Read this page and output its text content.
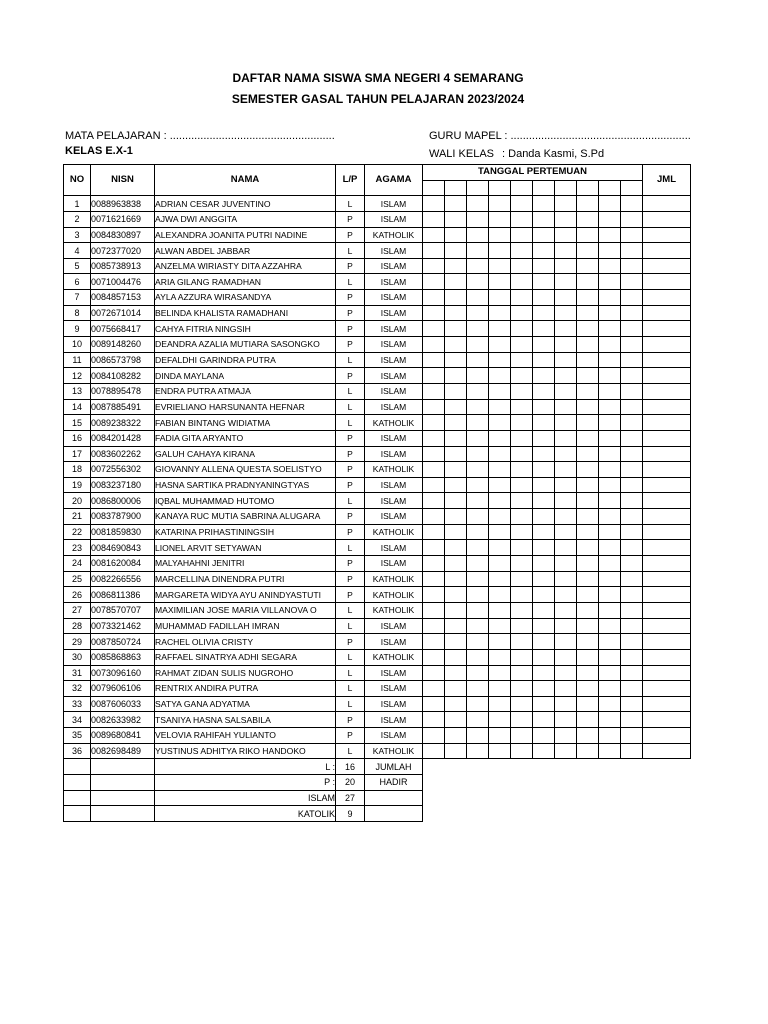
DAFTAR NAMA SISWA SMA NEGERI 4 SEMARANG
SEMESTER GASAL TAHUN PELAJARAN 2023/2024
MATA PELAJARAN : ......................................................
KELAS E.X-1
GURU MAPEL : ...........................................................
WALI KELAS : Danda Kasmi, S.Pd
NO	NISN	NAMA	L/P	AGAMA	TANGGAL PERTEMUAN										JML

1	0088963838	ADRIAN CESAR JUVENTINO	L	ISLAM											
2	0071621669	AJWA DWI ANGGITA	P	ISLAM											
3	0084830897	ALEXANDRA JOANITA PUTRI NADINE	P	KATHOLIK											
4	0072377020	ALWAN ABDEL JABBAR	L	ISLAM											
5	0085738913	ANZELMA WIRIASTY DITA AZZAHRA	P	ISLAM											
6	0071004476	ARIA GILANG RAMADHAN	L	ISLAM											
7	0084857153	AYLA AZZURA WIRASANDYA	P	ISLAM											
8	0072671014	BELINDA KHALISTA RAMADHANI	P	ISLAM											
9	0075668417	CAHYA FITRIA NINGSIH	P	ISLAM											
10	0089148260	DEANDRA AZALIA MUTIARA SASONGKO	P	ISLAM											
11	0086573798	DEFALDHI GARINDRA PUTRA	L	ISLAM											
12	0084108282	DINDA MAYLANA	P	ISLAM											
13	0078895478	ENDRA PUTRA ATMAJA	L	ISLAM											
14	0087885491	EVRIELIANO HARSUNANTA HEFNAR	L	ISLAM											
15	0089238322	FABIAN BINTANG WIDIATMA	L	KATHOLIK											
16	0084201428	FADIA GITA ARYANTO	P	ISLAM											
17	0083602262	GALUH CAHAYA KIRANA	P	ISLAM											
18	0072556302	GIOVANNY ALLENA QUESTA SOELISTYO	P	KATHOLIK											
19	0083237180	HASNA SARTIKA PRADNYANINGTYAS	P	ISLAM											
20	0086800006	IQBAL MUHAMMAD HUTOMO	L	ISLAM											
21	0083787900	KANAYA RUC MUTIA SABRINA ALUGARA	P	ISLAM											
22	0081859830	KATARINA PRIHASTININGSIH	P	KATHOLIK											
23	0084690843	LIONEL ARVIT SETYAWAN	L	ISLAM											
24	0081620084	MALYAHAHNI JENITRI	P	ISLAM											
25	0082266556	MARCELLINA DINENDRA PUTRI	P	KATHOLIK											
26	0086811386	MARGARETA WIDYA AYU ANINDYASTUTI	P	KATHOLIK											
27	0078570707	MAXIMILIAN JOSE MARIA VILLANOVA O	L	KATHOLIK											
28	0073321462	MUHAMMAD FADILLAH IMRAN	L	ISLAM											
29	0087850724	RACHEL OLIVIA CRISTY	P	ISLAM											
30	0085868863	RAFFAEL SINATRYA ADHI SEGARA	L	KATHOLIK											
31	0073096160	RAHMAT ZIDAN SULIS NUGROHO	L	ISLAM											
32	0079606106	RENTRIX ANDIRA PUTRA	L	ISLAM											
33	0087606033	SATYA GANA ADYATMA	L	ISLAM											
34	0082633982	TSANIYA HASNA SALSABILA	P	ISLAM											
35	0089680841	VELOVIA RAHIFAH YULIANTO	P	ISLAM											
36	0082698489	YUSTINUS ADHITYA RIKO HANDOKO	L	KATHOLIK											
		L :	16	JUMLAH											
		P :	20	HADIR											
		ISLAM	27												
		KATOLIK	9												
